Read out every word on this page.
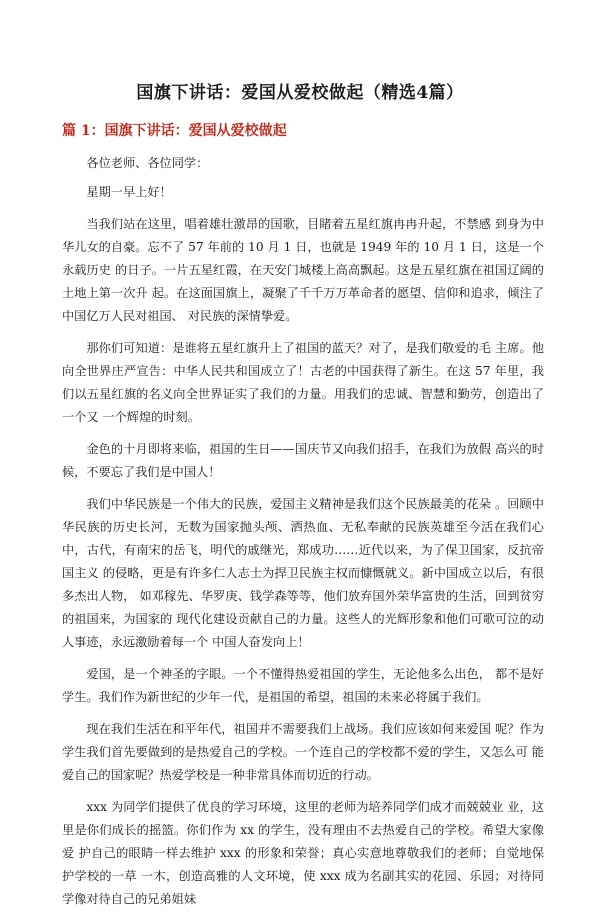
国旗下讲话：爱国从爱校做起（精选4篇）
篇 1：国旗下讲话：爱国从爱校做起

各位老师、各位同学：

星期一早上好！

当我们站在这里，唱着雄壮激昂的国歌，目睹着五星红旗冉冉升起，不禁感 到身为中华儿女的自豪。忘不了 57 年前的 10 月 1 日，也就是 1949 年的 10 月 1 日，这是一个永载历史 的日子。一片五星红霞，在天安门城楼上高高飘起。这是五星红旗在祖国辽阔的土地上第一次升 起。在这面国旗上，凝聚了千千万万革命者的愿望、信仰和追求，倾注了中国亿万人民对祖国、 对民族的深情挚爱。

那你们可知道：是谁将五星红旗升上了祖国的蓝天？对了，是我们敬爱的毛 主席。他向全世界庄严宣告：中华人民共和国成立了！古老的中国获得了新生。在这 57 年里，我 们以五星红旗的名义向全世界证实了我们的力量。用我们的忠诚、智慧和勤劳，创造出了一个又 一个辉煌的时刻。

金色的十月即将来临，祖国的生日——国庆节又向我们招手，在我们为放假 高兴的时候，不要忘了我们是中国人！

我们中华民族是一个伟大的民族，爱国主义精神是我们这个民族最美的花朵 。回顾中华民族的历史长河，无数为国家抛头颅、洒热血、无私奉献的民族英雄至今活在我们心 中，古代，有南宋的岳飞，明代的戚继光，郑成功……近代以来，为了保卫国家，反抗帝国主义 的侵略，更是有许多仁人志士为捍卫民族主权而慷慨就义。新中国成立以后，有很多杰出人物， 如邓稼先、华罗庚、钱学森等等，他们放弃国外荣华富贵的生活，回到贫穷的祖国来，为国家的 现代化建设贡献自己的力量。这些人的光辉形象和他们可歌可泣的动人事迹，永远激励着每一个 中国人奋发向上！

爱国，是一个神圣的字眼。一个不懂得热爱祖国的学生，无论他多么出色， 都不是好学生。我们作为新世纪的少年一代，是祖国的希望，祖国的未来必将属于我们。

现在我们生活在和平年代，祖国并不需要我们上战场。我们应该如何来爱国 呢？作为学生我们首先要做到的是热爱自己的学校。一个连自己的学校都不爱的学生，又怎么可 能爱自己的国家呢？热爱学校是一种非常具体而切近的行动。

xxx 为同学们提供了优良的学习环境，这里的老师为培养同学们成才而兢兢业 业，这里是你们成长的摇篮。你们作为 xx 的学生，没有理由不去热爱自己的学校。希望大家像爱 护自己的眼睛一样去维护 xxx 的形象和荣誉；真心实意地尊敬我们的老师；自觉地保护学校的一草 一木，创造高雅的人文环境，使 xxx 成为名副其实的花园、乐园；对待同学像对待自己的兄弟姐妹
